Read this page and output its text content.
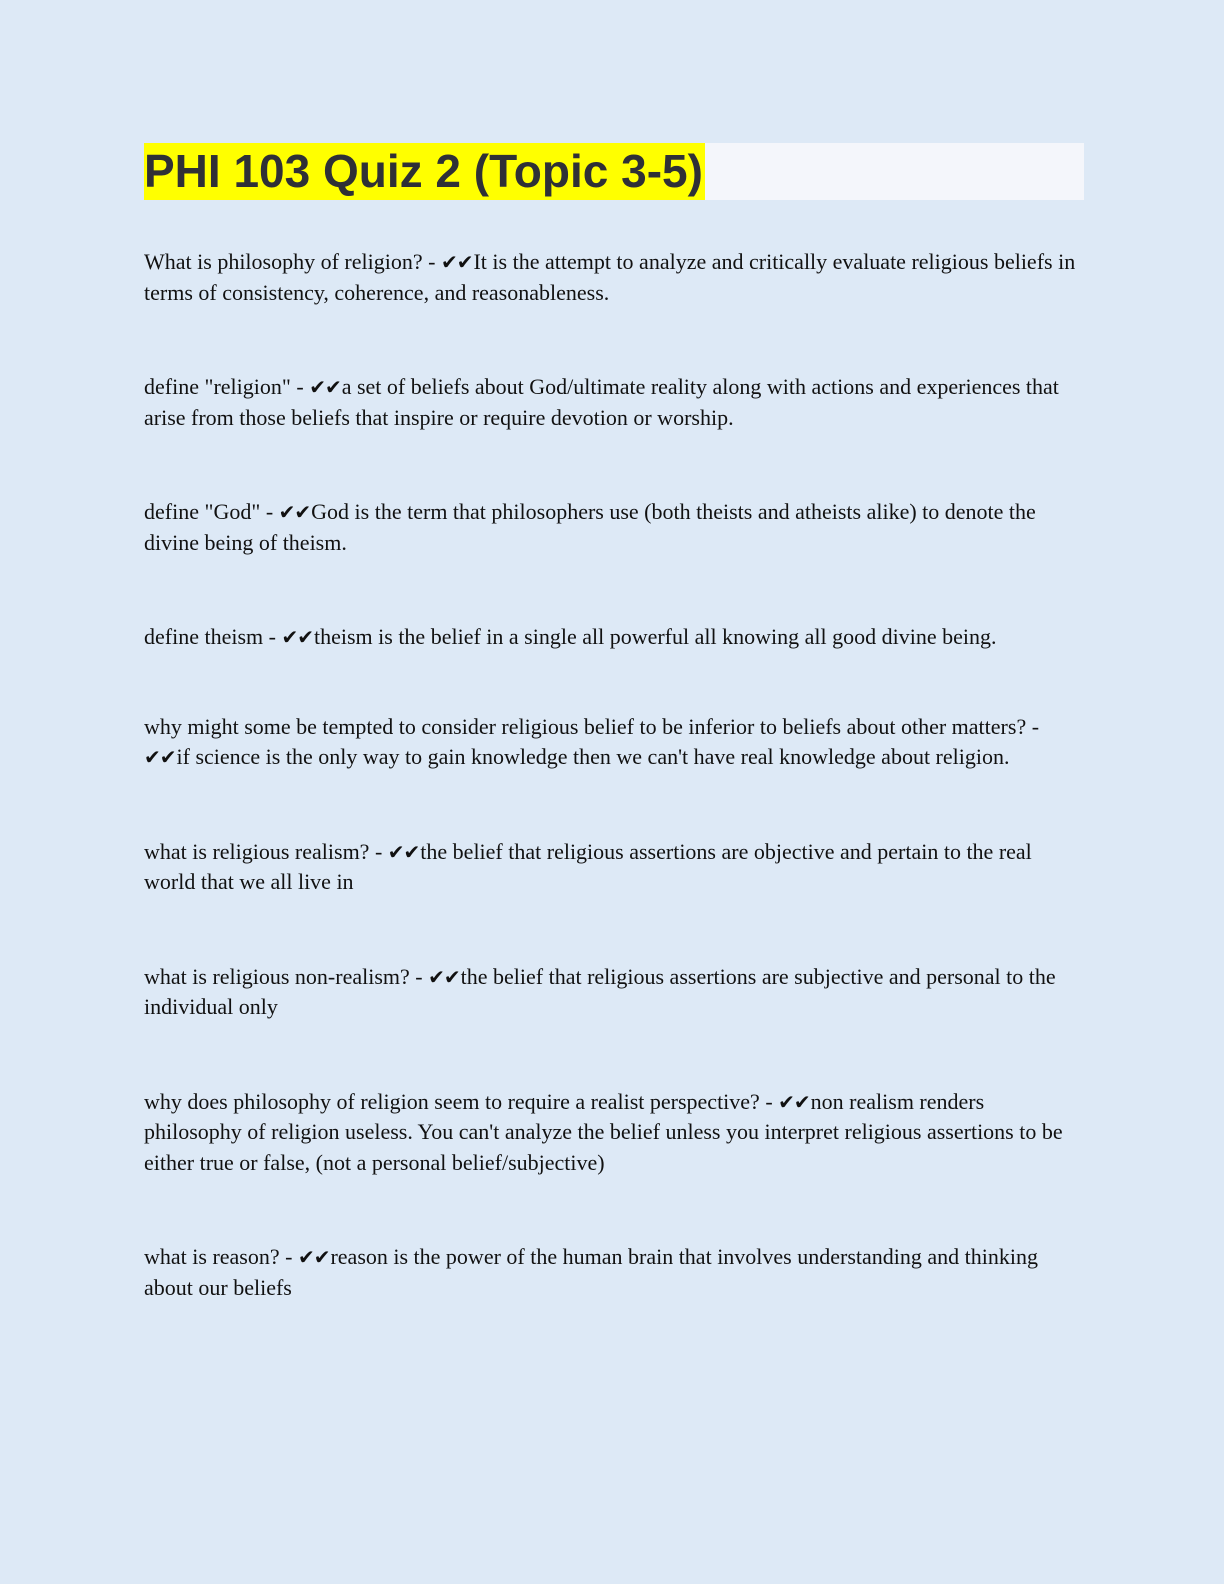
PHI 103 Quiz 2 (Topic 3-5)

What is philosophy of religion? - ✔✔It is the attempt to analyze and critically evaluate religious beliefs in terms of consistency, coherence, and reasonableness.

define "religion" - ✔✔a set of beliefs about God/ultimate reality along with actions and experiences that arise from those beliefs that inspire or require devotion or worship.

define "God" - ✔✔God is the term that philosophers use (both theists and atheists alike) to denote the divine being of theism.

define theism - ✔✔theism is the belief in a single all powerful all knowing all good divine being.

why might some be tempted to consider religious belief to be inferior to beliefs about other matters? - ✔✔if science is the only way to gain knowledge then we can't have real knowledge about religion.

what is religious realism? - ✔✔the belief that religious assertions are objective and pertain to the real world that we all live in

what is religious non-realism? - ✔✔the belief that religious assertions are subjective and personal to the individual only

why does philosophy of religion seem to require a realist perspective? - ✔✔non realism renders philosophy of religion useless. You can't analyze the belief unless you interpret religious assertions to be either true or false, (not a personal belief/subjective)

what is reason? - ✔✔reason is the power of the human brain that involves understanding and thinking about our beliefs
